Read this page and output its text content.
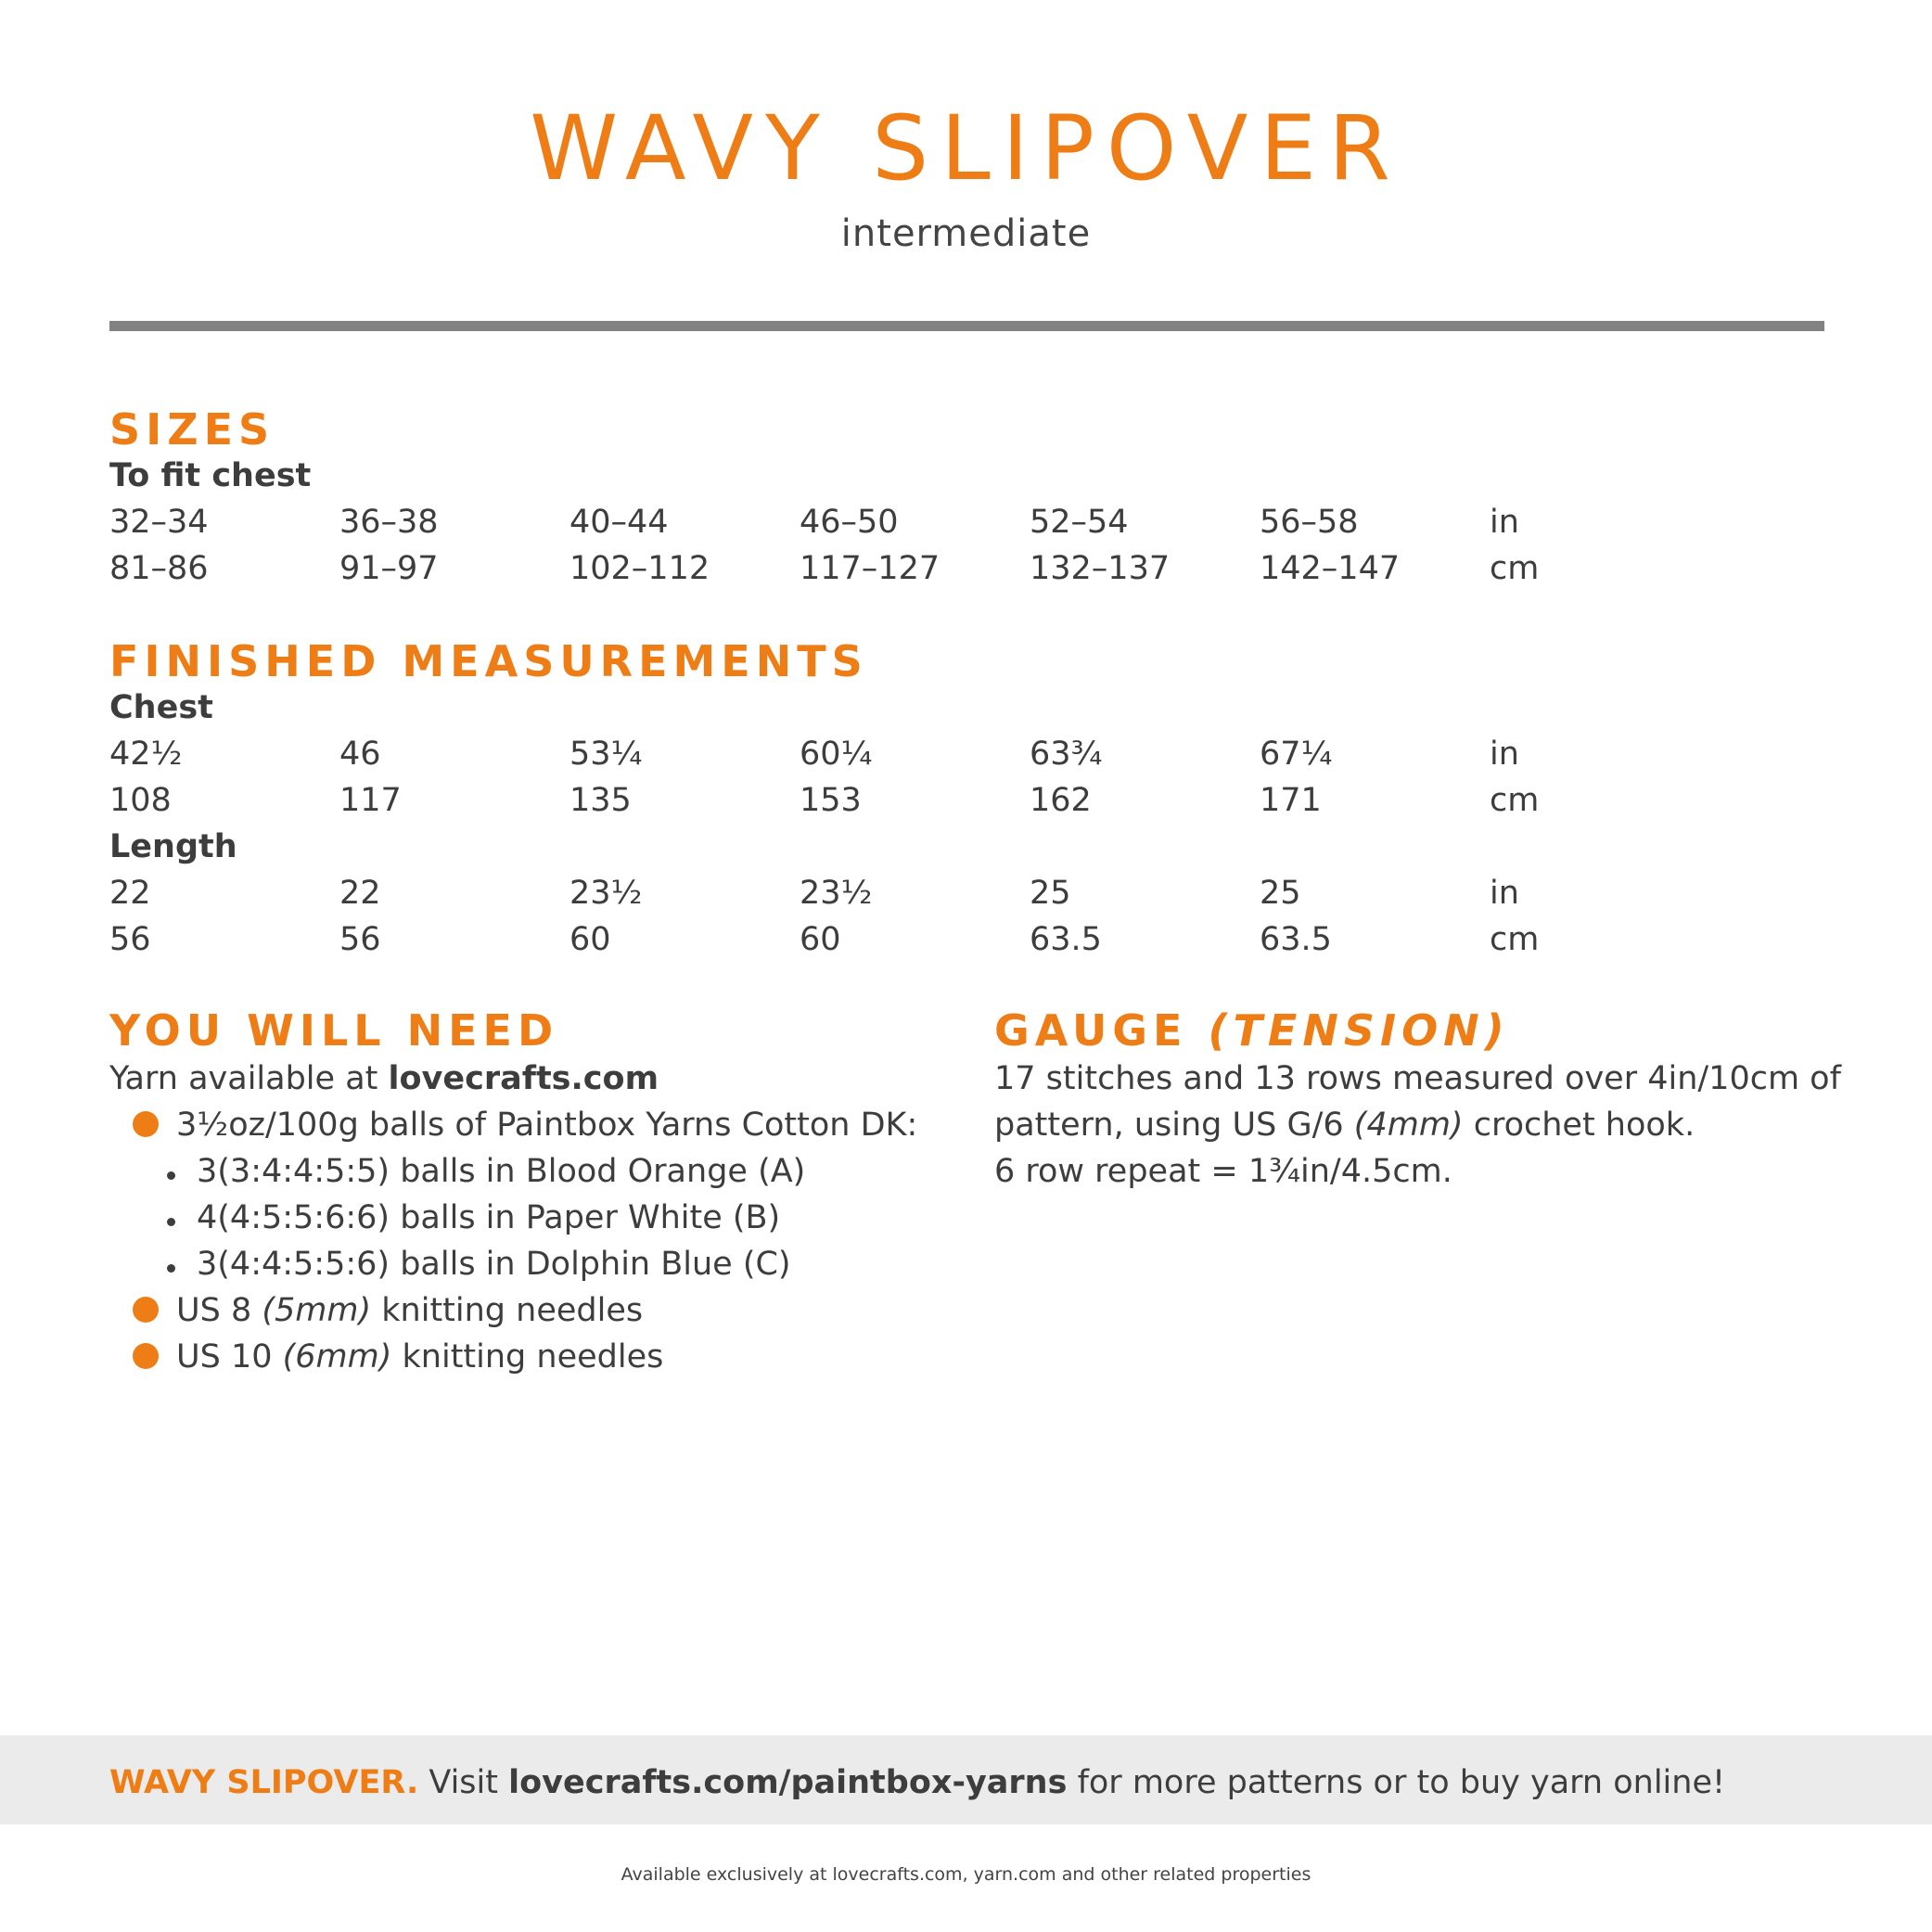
WAVY SLIPOVER
intermediate
SIZES
To fit chest
32–34	36–38	40–44	46–50	52–54	56–58	in
81–86	91–97	102–112	117–127	132–137	142–147	cm
FINISHED MEASUREMENTS
Chest
42½	46	53¼	60¼	63¾	67¼	in
108	117	135	153	162	171	cm
Length
22	22	23½	23½	25	25	in
56	56	60	60	63.5	63.5	cm
YOU WILL NEED
Yarn available at lovecrafts.com
3½oz/100g balls of Paintbox Yarns Cotton DK:
3(3:4:4:5:5) balls in Blood Orange (A)
4(4:5:5:6:6) balls in Paper White (B)
3(4:4:5:5:6) balls in Dolphin Blue (C)
US 8 (5mm) knitting needles
US 10 (6mm) knitting needles
GAUGE (TENSION)
17 stitches and 13 rows measured over 4in/10cm of
pattern, using US G/6 (4mm) crochet hook.
6 row repeat = 1¾in/4.5cm.
WAVY SLIPOVER. Visit lovecrafts.com/paintbox-yarns for more patterns or to buy yarn online!
Available exclusively at lovecrafts.com, yarn.com and other related properties
